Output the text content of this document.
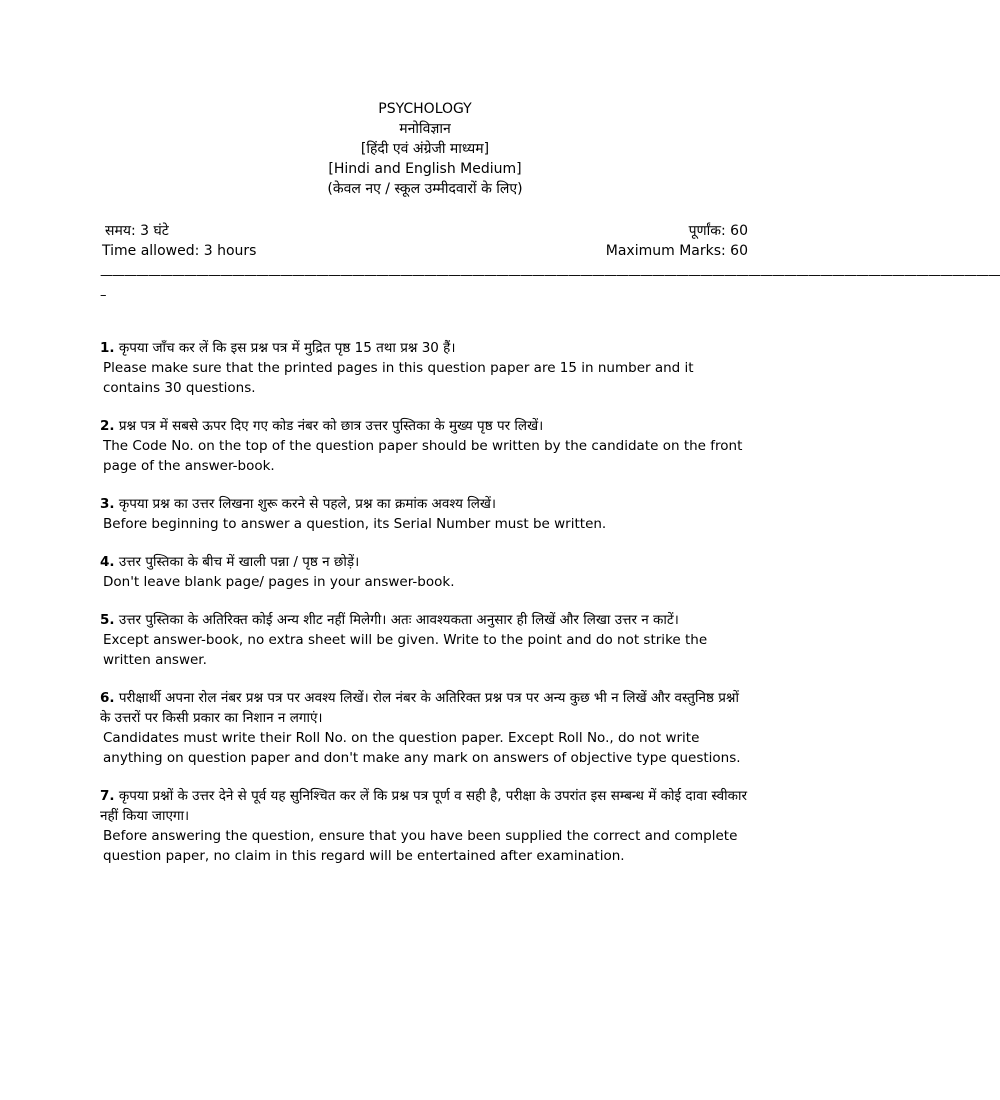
PSYCHOLOGY
मनोविज्ञान
[हिंदी एवं अंग्रेजी माध्यम]
[Hindi and English Medium]
(केवल नए / स्कूल उम्मीदवारों के लिए)
समय: 3 घंटे	पूर्णांक: 60
Time allowed: 3 hours	Maximum Marks: 60
———————————————————————————————————————————————————————————————————————————
–
1. कृपया जाँच कर लें कि इस प्रश्न पत्र में मुद्रित पृष्ठ 15 तथा प्रश्न 30 हैं।
Please make sure that the printed pages in this question paper are 15 in number and it contains 30 questions.
2. प्रश्न पत्र में सबसे ऊपर दिए गए कोड नंबर को छात्र उत्तर पुस्तिका के मुख्य पृष्ठ पर लिखें।
The Code No. on the top of the question paper should be written by the candidate on the front page of the answer-book.
3. कृपया प्रश्न का उत्तर लिखना शुरू करने से पहले, प्रश्न का क्रमांक अवश्य लिखें।
Before beginning to answer a question, its Serial Number must be written.
4. उत्तर पुस्तिका के बीच में खाली पन्ना / पृष्ठ न छोड़ें।
Don't leave blank page/ pages in your answer-book.
5. उत्तर पुस्तिका के अतिरिक्त कोई अन्य शीट नहीं मिलेगी। अतः आवश्यकता अनुसार ही लिखें और लिखा उत्तर न काटें।
Except answer-book, no extra sheet will be given. Write to the point and do not strike the written answer.
6. परीक्षार्थी अपना रोल नंबर प्रश्न पत्र पर अवश्य लिखें। रोल नंबर के अतिरिक्त प्रश्न पत्र पर अन्य कुछ भी न लिखें और वस्तुनिष्ठ प्रश्नों के उत्तरों पर किसी प्रकार का निशान न लगाएं।
Candidates must write their Roll No. on the question paper. Except Roll No., do not write anything on question paper and don't make any mark on answers of objective type questions.
7. कृपया प्रश्नों के उत्तर देने से पूर्व यह सुनिश्चित कर लें कि प्रश्न पत्र पूर्ण व सही है, परीक्षा के उपरांत इस सम्बन्ध में कोई दावा स्वीकार नहीं किया जाएगा।
Before answering the question, ensure that you have been supplied the correct and complete question paper, no claim in this regard will be entertained after examination.
